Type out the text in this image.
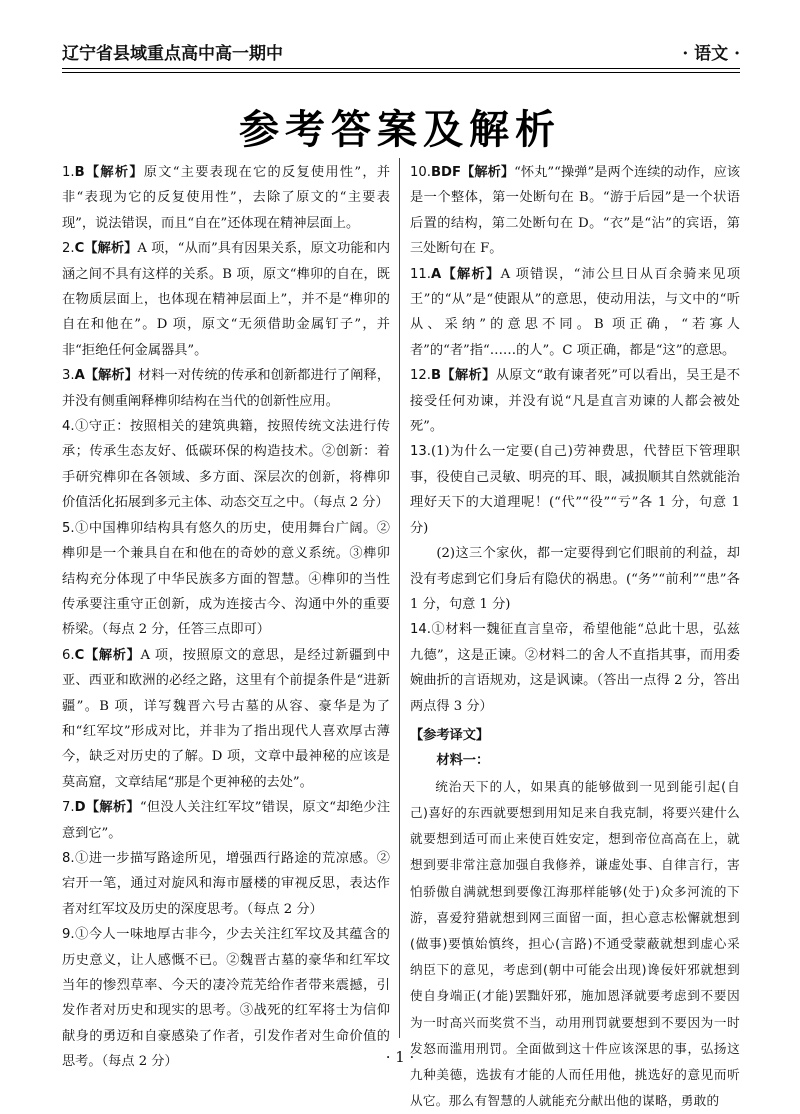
辽宁省县域重点高中高一期中	· 语文 ·
参考答案及解析
1.B【解析】原文“主要表现在它的反复使用性”，并非“表现为它的反复使用性”，去除了原文的“主要表现”，说法错误，而且“自在”还体现在精神层面上。
2.C【解析】A 项，“从而”具有因果关系，原文功能和内涵之间不具有这样的关系。B 项，原文“榫卯的自在，既在物质层面上，也体现在精神层面上”，并不是“榫卯的自在和他在”。D 项，原文“无须借助金属钉子”，并非“拒绝任何金属器具”。
3.A【解析】材料一对传统的传承和创新都进行了阐释，并没有侧重阐释榫卯结构在当代的创新性应用。
4.①守正：按照相关的建筑典籍，按照传统文法进行传承；传承生态友好、低碳环保的构造技术。②创新：着手研究榫卯在各领域、多方面、深层次的创新，将榫卯价值活化拓展到多元主体、动态交互之中。（每点 2 分）
5.①中国榫卯结构具有悠久的历史，使用舞台广阔。②榫卯是一个兼具自在和他在的奇妙的意义系统。③榫卯结构充分体现了中华民族多方面的智慧。④榫卯的当性传承要注重守正创新，成为连接古今、沟通中外的重要桥梁。（每点 2 分，任答三点即可）
6.C【解析】A 项，按照原文的意思，是经过新疆到中亚、西亚和欧洲的必经之路，这里有个前提条件是“进新疆”。B 项，详写魏晋六号古墓的从容、豪华是为了和“红军坟”形成对比，并非为了指出现代人喜欢厚古薄今，缺乏对历史的了解。D 项，文章中最神秘的应该是莫高窟，文章结尾“那是个更神秘的去处”。
7.D【解析】“但没人关注红军坟”错误，原文“却绝少注意到它”。
8.①进一步描写路途所见，增强西行路途的荒凉感。②宕开一笔，通过对旋风和海市蜃楼的审视反思，表达作者对红军坟及历史的深度思考。（每点 2 分）
9.①今人一味地厚古非今，少去关注红军坟及其蕴含的历史意义，让人感慨不已。②魏晋古墓的豪华和红军坟当年的惨烈草率、今天的凄冷荒芜给作者带来震撼，引发作者对历史和现实的思考。③战死的红军将士为信仰献身的勇迈和自豪感染了作者，引发作者对生命价值的思考。（每点 2 分）
10.BDF【解析】“怀丸”“操弹”是两个连续的动作，应该是一个整体，第一处断句在 B。“游于后园”是一个状语后置的结构，第二处断句在 D。“衣”是“沾”的宾语，第三处断句在 F。
11.A【解析】A 项错误，“沛公旦日从百余骑来见项王”的“从”是“使跟从”的意思，使动用法，与文中的“听从、采纳”的意思不同。B 项正确，“若寡人者”的“者”指“……的人”。C 项正确，都是“这”的意思。
12.B【解析】从原文“敢有谏者死”可以看出，吴王是不接受任何劝谏，并没有说“凡是直言劝谏的人都会被处死”。
13.(1)为什么一定要(自己)劳神费思，代替臣下管理职事，役使自己灵敏、明亮的耳、眼，减损顺其自然就能治理好天下的大道理呢！(“代”“役”“亏”各 1 分，句意 1 分)
(2)这三个家伙，都一定要得到它们眼前的利益，却没有考虑到它们身后有隐伏的祸患。(“务”“前利”“患”各 1 分，句意 1 分)
14.①材料一魏征直言皇帝，希望他能“总此十思，弘兹九德”，这是正谏。②材料二的舍人不直指其事，而用委婉曲折的言语规劝，这是讽谏。（答出一点得 2 分，答出两点得 3 分）
【参考译文】
材料一：
统治天下的人，如果真的能够做到一见到能引起(自己)喜好的东西就要想到用知足来自我克制，将要兴建什么就要想到适可而止来使百姓安定，想到帝位高高在上，就想到要非常注意加强自我修养，谦虚处事、自律言行，害怕骄傲自满就想到要像江海那样能够(处于)众多河流的下游，喜爱狩猎就想到网三面留一面，担心意志松懈就想到(做事)要慎始慎终，担心(言路)不通受蒙蔽就想到虚心采纳臣下的意见，考虑到(朝中可能会出现)谗佞奸邪就想到使自身端正(才能)罢黜奸邪，施加恩泽就要考虑到不要因为一时高兴而奖赏不当，动用刑罚就要想到不要因为一时发怒而滥用刑罚。全面做到这十件应该深思的事，弘扬这九种美德，选拔有才能的人而任用他，挑选好的意见而听从它。那么有智慧的人就能充分献出他的谋略，勇敢的
· 1 ·
